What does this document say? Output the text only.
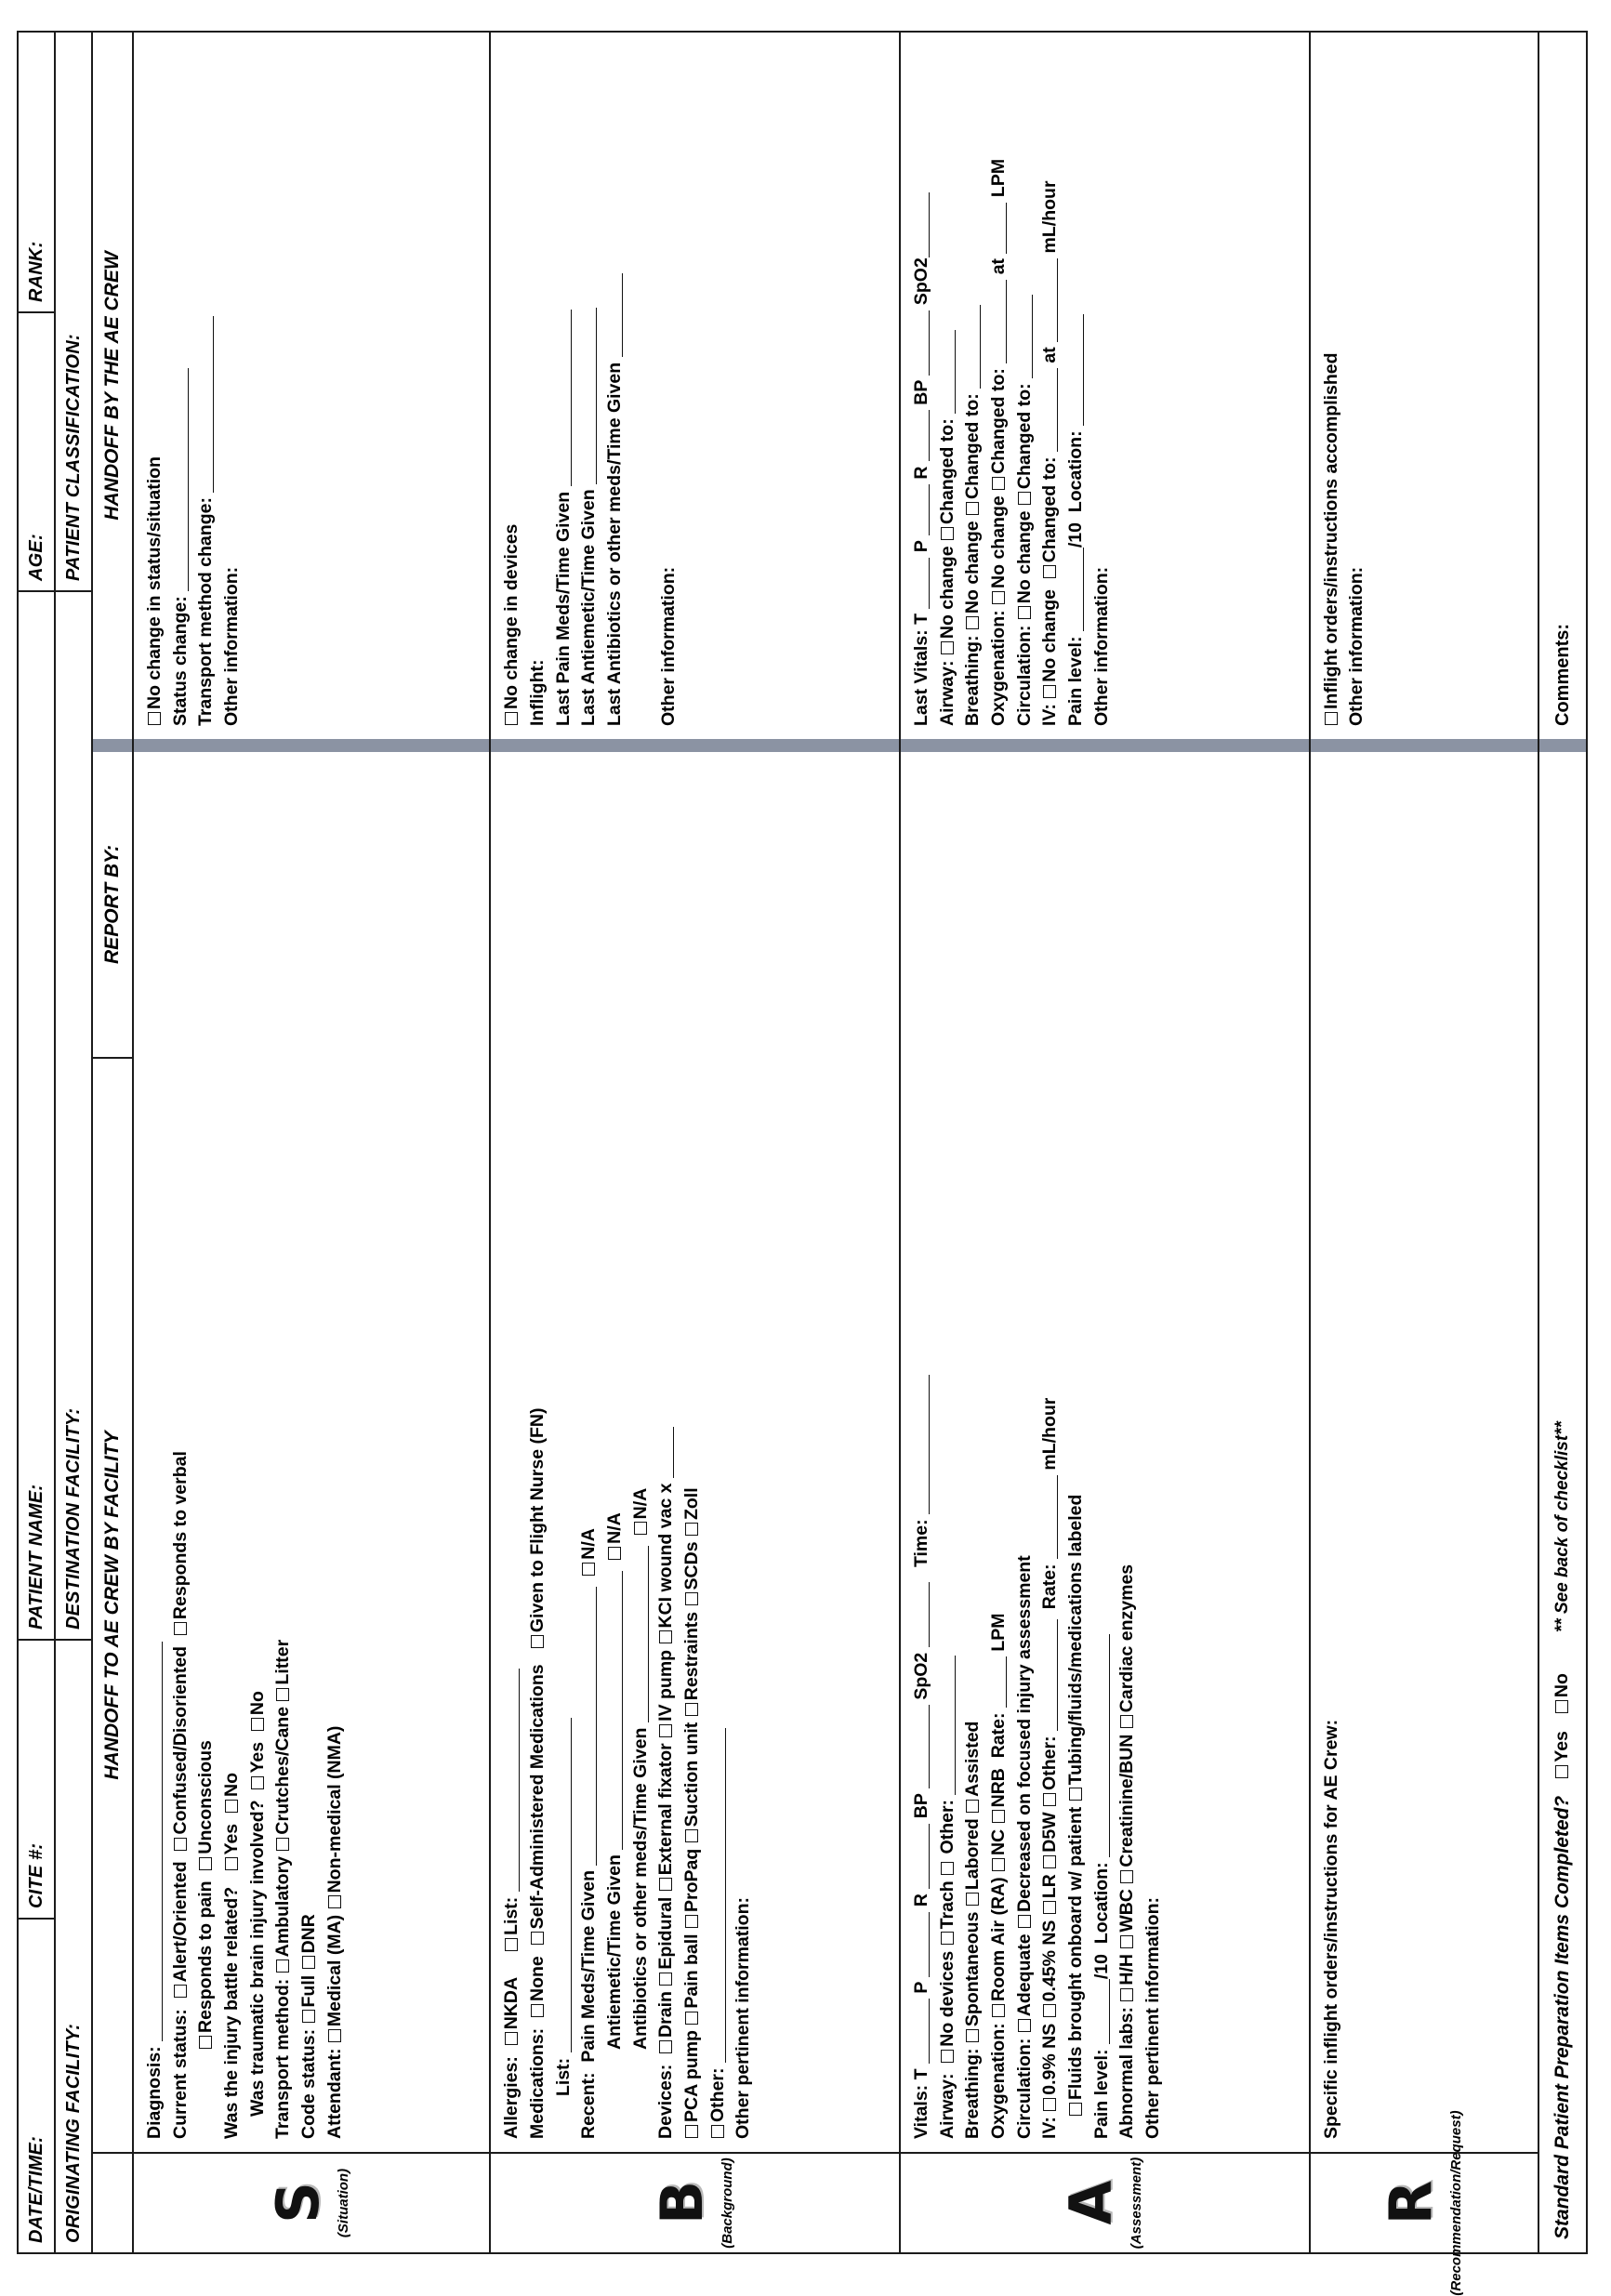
DATE/TIME:
CITE #:
PATIENT NAME:
AGE:
RANK:
ORIGINATING FACILITY:
DESTINATION FACILITY:
PATIENT CLASSIFICATION:
HANDOFF TO AE CREW BY FACILITY
REPORT BY:
HANDOFF BY THE AE CREW
S (Situation)
Diagnosis: Current status:  Alert/Oriented  Confused/Disoriented  Responds to verbal
Responds to pain  Unconscious
Was the injury battle related?   Yes  No
Was traumatic brain injury involved?  Yes  No
Transport method: Ambulatory Crutches/Cane Litter
Code status: Full DNR
Attendant: Medical (MA) Non-medical (NMA)
No change in status/situation Status change: Transport method change: Other information:
B (Background)
Allergies:  NKDA     List:
Medications:  None  Self-Administered Medications   Given to Flight Nurse (FN)
List: Recent:  Pain Meds/Time Given   N/A
Antiemetic/Time Given   N/A
Antibiotics or other meds/Time Given   N/A
Devices:  Drain Epidural External fixator IV pump KCI wound vac x
PCA pump Pain ball ProPaq Suction unit Restraints SCDs Zoll
Other: Other pertinent information:
No change in devices Inflight: Last Pain Meds/Time Given Last Antiemetic/Time Given Last Antibiotics or other meds/Time Given Other information:
A (Assessment)
Vitals: T  P  R  BP  SpO2    Time:
Airway:  No devices Trach  Other:
Breathing: Spontaneous Labored Assisted
Oxygenation: Room Air (RA) NC NRB  Rate:  LPM
Circulation: Adequate Decreased on focused injury assessment
IV: 0.9% NS 0.45% NS LR D5W Other:   Rate:  mL/hour
Fluids brought onboard w/ patient Tubing/fluids/medications labeled
Pain level: /10  Location:
Abnormal labs: H/H WBC Creatinine/BUN Cardiac enzymes
Other pertinent information:
Last Vitals: T  P  R  BP  SpO2
Airway: No change Changed to:
Breathing: No change Changed to:
Oxygenation: No change Changed to:  at  LPM
Circulation: No change Changed to:
IV: No change  Changed to:  at  mL/hour
Pain level: /10  Location:
Other information:
R (Recommendation/Request)
Specific inflight orders/instructions for AE Crew:
Inflight orders/instructions accomplished Other information:
Standard Patient Preparation Items Completed?
Yes
No
** See back of checklist**
Comments:
